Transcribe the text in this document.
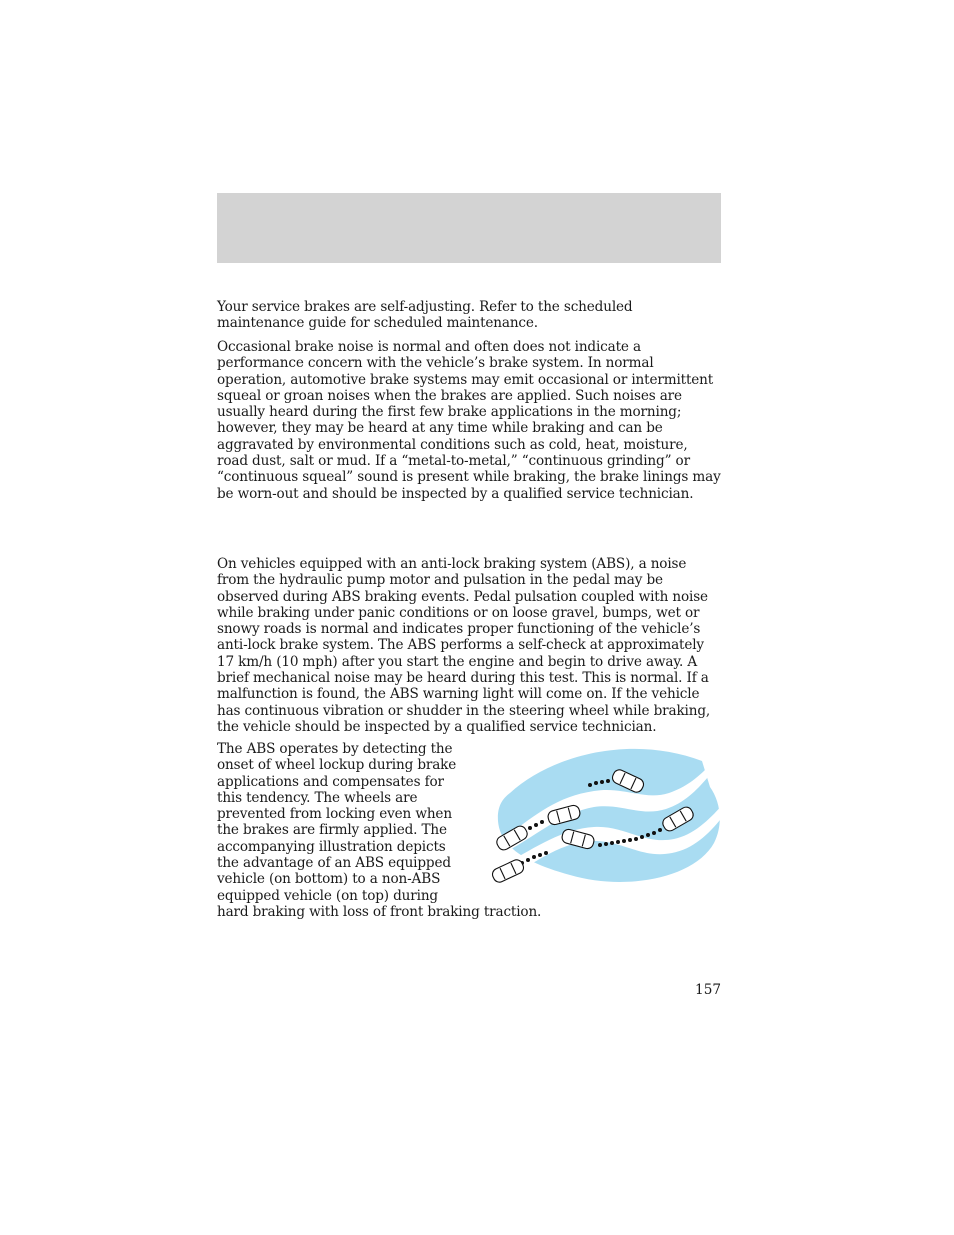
Your service brakes are self-adjusting. Refer to the scheduled maintenance guide for scheduled maintenance.

Occasional brake noise is normal and often does not indicate a performance concern with the vehicle’s brake system. In normal operation, automotive brake systems may emit occasional or intermittent squeal or groan noises when the brakes are applied. Such noises are usually heard during the first few brake applications in the morning; however, they may be heard at any time while braking and can be aggravated by environmental conditions such as cold, heat, moisture, road dust, salt or mud. If a “metal-to-metal,” “continuous grinding” or “continuous squeal” sound is present while braking, the brake linings may be worn-out and should be inspected by a qualified service technician.

On vehicles equipped with an anti-lock braking system (ABS), a noise from the hydraulic pump motor and pulsation in the pedal may be observed during ABS braking events. Pedal pulsation coupled with noise while braking under panic conditions or on loose gravel, bumps, wet or snowy roads is normal and indicates proper functioning of the vehicle’s anti-lock brake system. The ABS performs a self-check at approximately 17 km/h (10 mph) after you start the engine and begin to drive away. A brief mechanical noise may be heard during this test. This is normal. If a malfunction is found, the ABS warning light will come on. If the vehicle has continuous vibration or shudder in the steering wheel while braking, the vehicle should be inspected by a qualified service technician.

The ABS operates by detecting the onset of wheel lockup during brake applications and compensates for this tendency. The wheels are prevented from locking even when the brakes are firmly applied. The accompanying illustration depicts the advantage of an ABS equipped vehicle (on bottom) to a non-ABS equipped vehicle (on top) during hard braking with loss of front braking traction.
157
